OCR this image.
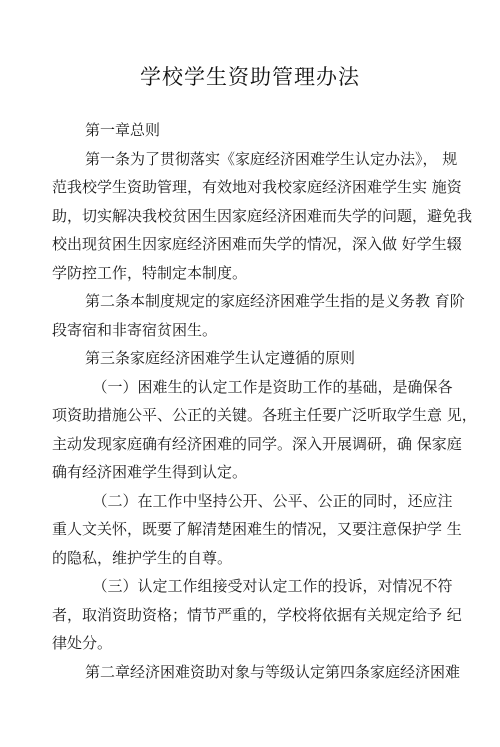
学校学生资助管理办法

第一章总则

第一条为了贯彻落实《家庭经济困难学生认定办法》， 规
范我校学生资助管理，有效地对我校家庭经济困难学生实 施资
助，切实解决我校贫困生因家庭经济困难而失学的问题，避免我
校出现贫困生因家庭经济困难而失学的情况，深入做 好学生辍
学防控工作，特制定本制度。

第二条本制度规定的家庭经济困难学生指的是义务教 育阶
段寄宿和非寄宿贫困生。

第三条家庭经济困难学生认定遵循的原则

（一）困难生的认定工作是资助工作的基础，是确保各
项资助措施公平、公正的关键。各班主任要广泛听取学生意 见，
主动发现家庭确有经济困难的同学。深入开展调研，确 保家庭
确有经济困难学生得到认定。

（二）在工作中坚持公开、公平、公正的同时，还应注
重人文关怀，既要了解清楚困难生的情况，又要注意保护学 生
的隐私，维护学生的自尊。

（三）认定工作组接受对认定工作的投诉，对情况不符
者，取消资助资格；情节严重的，学校将依据有关规定给予 纪
律处分。

第二章经济困难资助对象与等级认定第四条家庭经济困难
